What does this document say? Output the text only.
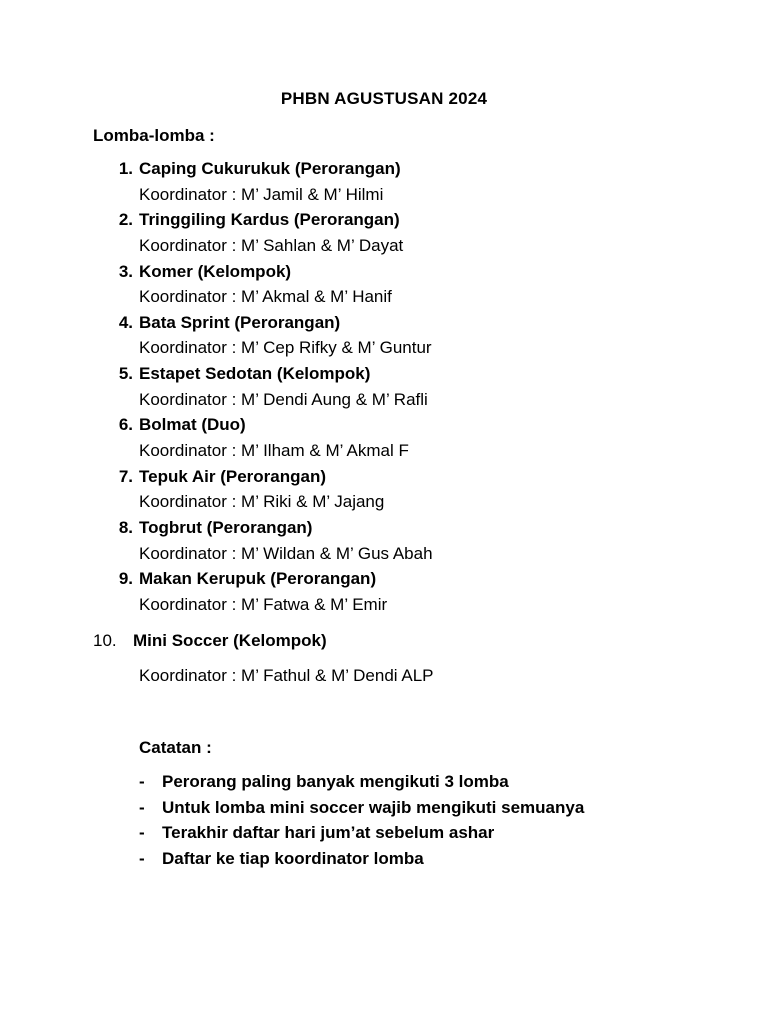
PHBN AGUSTUSAN 2024
Lomba-lomba :
1. Caping Cukurukuk (Perorangan)
Koordinator : M’ Jamil & M’ Hilmi
2. Tringgiling Kardus (Perorangan)
Koordinator : M’ Sahlan & M’ Dayat
3. Komer (Kelompok)
Koordinator : M’ Akmal & M’ Hanif
4. Bata Sprint (Perorangan)
Koordinator : M’ Cep Rifky & M’ Guntur
5. Estapet Sedotan (Kelompok)
Koordinator : M’ Dendi Aung & M’ Rafli
6. Bolmat (Duo)
Koordinator : M’ Ilham & M’ Akmal F
7. Tepuk Air (Perorangan)
Koordinator : M’ Riki & M’ Jajang
8. Togbrut (Perorangan)
Koordinator : M’ Wildan & M’ Gus Abah
9. Makan Kerupuk (Perorangan)
Koordinator : M’ Fatwa & M’ Emir
10. Mini Soccer (Kelompok)
Koordinator : M’ Fathul & M’ Dendi ALP
Catatan :
- Perorang paling banyak mengikuti 3 lomba
- Untuk lomba mini soccer wajib mengikuti semuanya
- Terakhir daftar hari jum’at sebelum ashar
- Daftar ke tiap koordinator lomba
